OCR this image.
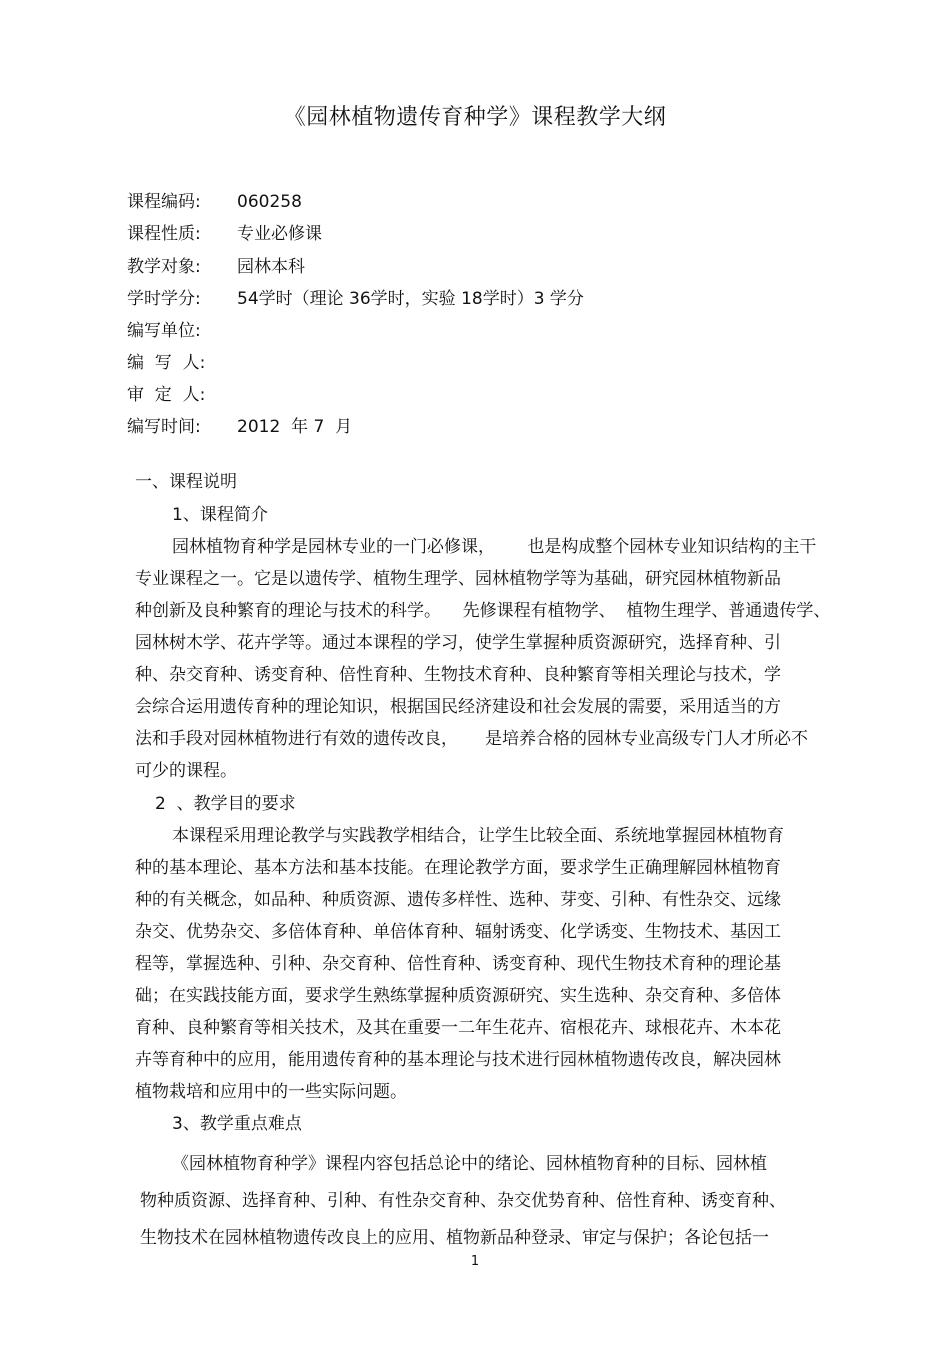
《园林植物遗传育种学》课程教学大纲
课程编码: 060258
课程性质: 专业必修课
教学对象: 园林本科
学时学分: 54学时（理论 36学时，实验 18学时）3 学分
编写单位:
编  写  人:
审  定  人:
编写时间: 2012  年 7  月
一、课程说明
1、课程简介
园林植物育种学是园林专业的一门必修课，      也是构成整个园林专业知识结构的主干
专业课程之一。它是以遗传学、植物生理学、园林植物学等为基础，研究园林植物新品
种创新及良种繁育的理论与技术的科学。    先修课程有植物学、  植物生理学、普通遗传学、
园林树木学、花卉学等。通过本课程的学习，使学生掌握种质资源研究，选择育种、引
种、杂交育种、诱变育种、倍性育种、生物技术育种、良种繁育等相关理论与技术，学
会综合运用遗传育种的理论知识，根据国民经济建设和社会发展的需要，采用适当的方
法和手段对园林植物进行有效的遗传改良，     是培养合格的园林专业高级专门人才所必不
可少的课程。
2  、教学目的要求
本课程采用理论教学与实践教学相结合，让学生比较全面、系统地掌握园林植物育
种的基本理论、基本方法和基本技能。在理论教学方面，要求学生正确理解园林植物育
种的有关概念，如品种、种质资源、遗传多样性、选种、芽变、引种、有性杂交、远缘
杂交、优势杂交、多倍体育种、单倍体育种、辐射诱变、化学诱变、生物技术、基因工
程等，掌握选种、引种、杂交育种、倍性育种、诱变育种、现代生物技术育种的理论基
础；在实践技能方面，要求学生熟练掌握种质资源研究、实生选种、杂交育种、多倍体
育种、良种繁育等相关技术，及其在重要一二年生花卉、宿根花卉、球根花卉、木本花
卉等育种中的应用，能用遗传育种的基本理论与技术进行园林植物遗传改良，解决园林
植物栽培和应用中的一些实际问题。
3、教学重点难点
《园林植物育种学》课程内容包括总论中的绪论、园林植物育种的目标、园林植
物种质资源、选择育种、引种、有性杂交育种、杂交优势育种、倍性育种、诱变育种、
生物技术在园林植物遗传改良上的应用、植物新品种登录、审定与保护；各论包括一
1
